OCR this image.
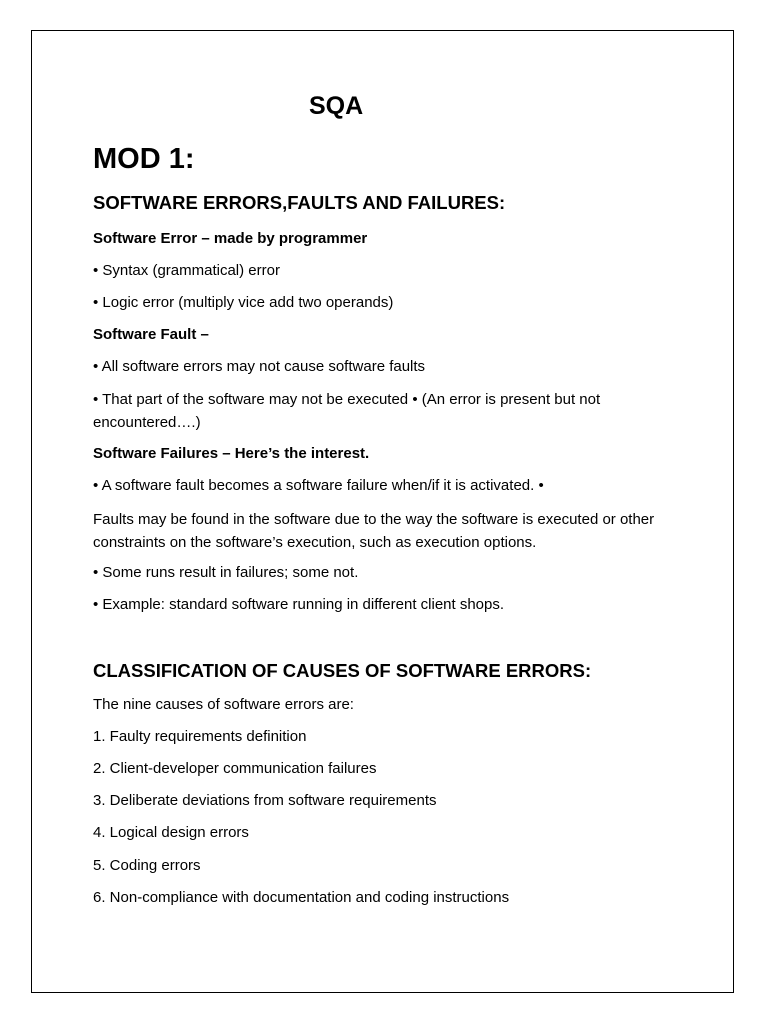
SQA
MOD 1:
SOFTWARE ERRORS,FAULTS AND FAILURES:
Software Error – made by programmer
• Syntax (grammatical) error
• Logic error (multiply vice add two operands)
Software Fault –
• All software errors may not cause software faults
• That part of the software may not be executed • (An error is present but not encountered….)
Software Failures – Here’s the interest.
• A software fault becomes a software failure when/if it is activated. •
Faults may be found in the software due to the way the software is executed or other constraints on the software’s execution, such as execution options.
• Some runs result in failures; some not.
• Example: standard software running in different client shops.
CLASSIFICATION OF CAUSES OF SOFTWARE ERRORS:
The nine causes of software errors are:
1. Faulty requirements definition
2. Client-developer communication failures
3. Deliberate deviations from software requirements
4. Logical design errors
5. Coding errors
6. Non-compliance with documentation and coding instructions
